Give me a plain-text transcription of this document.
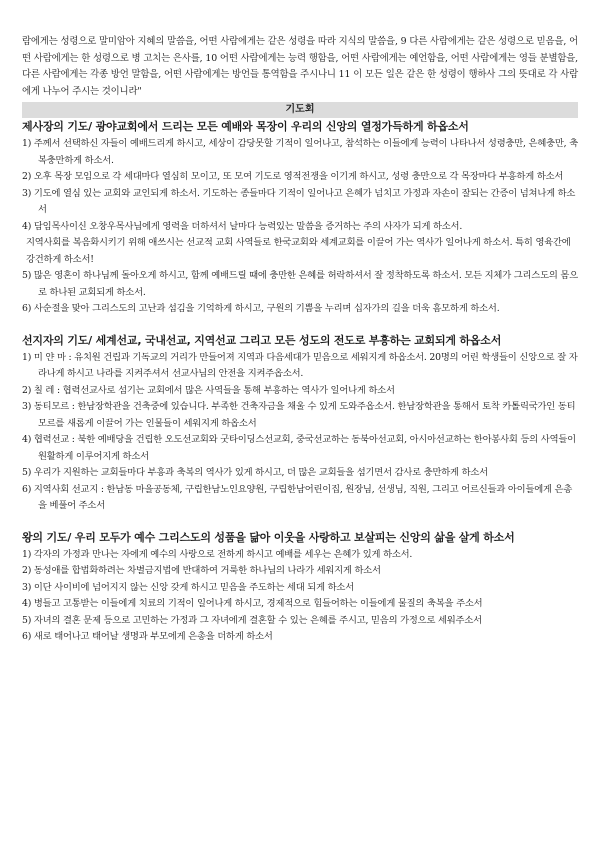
람에게는 성령으로 말미암아 지혜의 말씀을, 어떤 사람에게는 같은 성령을 따라 지식의 말씀을, 9 다른 사람에게는 같은 성령으로 믿음을, 어떤 사람에게는 한 성령으로 병 고치는 은사를, 10 어떤 사람에게는 능력 행함을, 어떤 사람에게는 예언함을, 어떤 사람에게는 영들 분별함을, 다른 사람에게는 각종 방언 말함을, 어떤 사람에게는 방언들 통역함을 주시나니 11 이 모든 일은 같은 한 성령이 행하사 그의 뜻대로 각 사람에게 나누어 주시는 것이니라"

기도회
제사장의 기도/ 광야교회에서 드리는 모든 예배와 목장이 우리의 신앙의 열정가득하게 하옵소서

1) 주께서 선택하신 자들이 예배드리게 하시고, 세상이 감당못할 기적이 일어나고, 참석하는 이들에게 능력이 나타나서 성령충만, 은혜충만, 축복충만하게 하소서.

2) 오후 목장 모임으로 각 세대마다 열심히 모이고, 또 모여 기도로 영적전쟁을 이기게 하시고, 성령 충만으로 각 목장마다 부흥하게 하소서

3) 기도에 열심 있는 교회와 교인되게 하소서. 기도하는 종들마다 기적이 일어나고 은혜가 넘치고 가정과 자손이 잘되는 간증이 넘쳐나게 하소서

4) 담임목사이신 오창우목사님에게 영력을 더하셔서 날마다 능력있는 말씀을 증거하는 주의 사자가 되게 하소서.

지역사회를 복음화시키기 위해 애쓰시는 선교적 교회 사역들로 한국교회와 세계교회를 이끌어 가는 역사가 일어나게 하소서. 특히 영육간에 강건하게 하소서!

5) 많은 영혼이 하나님께 돌아오게 하시고, 함께 예배드릴 때에 충만한 은혜를 허락하셔서 잘 정착하도록 하소서. 모든 지체가 그리스도의 몸으로 하나된 교회되게 하소서.

6) 사순절을 맞아 그리스도의 고난과 섬김을 기억하게 하시고, 구원의 기쁨을 누리며 십자가의 길을 더욱 흠모하게 하소서.

선지자의 기도/ 세계선교, 국내선교, 지역선교 그리고 모든 성도의 전도로 부흥하는 교회되게 하옵소서

1) 미 얀 마 : 유치원 건립과 기독교의 거리가 만들어져 지역과 다음세대가 믿음으로 세워지게 하옵소서. 20명의 어린 학생들이 신앙으로 잘 자라나게 하시고 나라를 지켜주셔서 선교사님의 안전을 지켜주옵소서.

2) 칠 레 : 협력선교사로 섬기는 교회에서 많은 사역들을 통해 부흥하는 역사가 일어나게 하소서

3) 동티모르 : 한남장학관을 건축중에 있습니다. 부족한 건축자금을 채울 수 있게 도와주옵소서. 한남장학관을 통해서 토착 카톨릭국가인 동티모르를 새롭게 이끌어 가는 인물들이 세워지게 하옵소서

4) 협력선교 : 북한 예배당을 건립한 오도선교회와 굿타이딩스선교회, 중국선교하는 동북아선교회, 아시아선교하는 한아봉사회 등의 사역들이 원활하게 이루어지게 하소서

5) 우리가 지원하는 교회들마다 부흥과 축복의 역사가 있게 하시고, 더 많은 교회들을 섬기면서 감사로 충만하게 하소서

6) 지역사회 선교지 : 한남동 마을공동체, 구립한남노인요양원, 구립한남어린이집, 원장님, 선생님, 직원, 그리고 어르신들과 아이들에게 은총을 베풀어 주소서

왕의 기도/ 우리 모두가 예수 그리스도의 성품을 닮아 이웃을 사랑하고 보살피는 신앙의 삶을 살게 하소서

1) 각자의 가정과 만나는 자에게 예수의 사랑으로 전하게 하시고 예배를 세우는 은혜가 있게 하소서.

2) 동성애를 합법화하려는 차별금지법에 반대하여 거룩한 하나님의 나라가 세워지게 하소서

3) 이단 사이비에 넘어지지 않는 신앙 갖게 하시고 믿음을 주도하는 세대 되게 하소서

4) 병들고 고통받는 이들에게 치료의 기적이 일어나게 하시고, 경제적으로 힘들어하는 이들에게 물질의 축복을 주소서

5) 자녀의 결혼 문제 등으로 고민하는 가정과 그 자녀에게 결혼할 수 있는 은혜를 주시고, 믿음의 가정으로 세워주소서

6) 새로 태어나고 태어날 생명과 부모에게 은총을 더하게 하소서
